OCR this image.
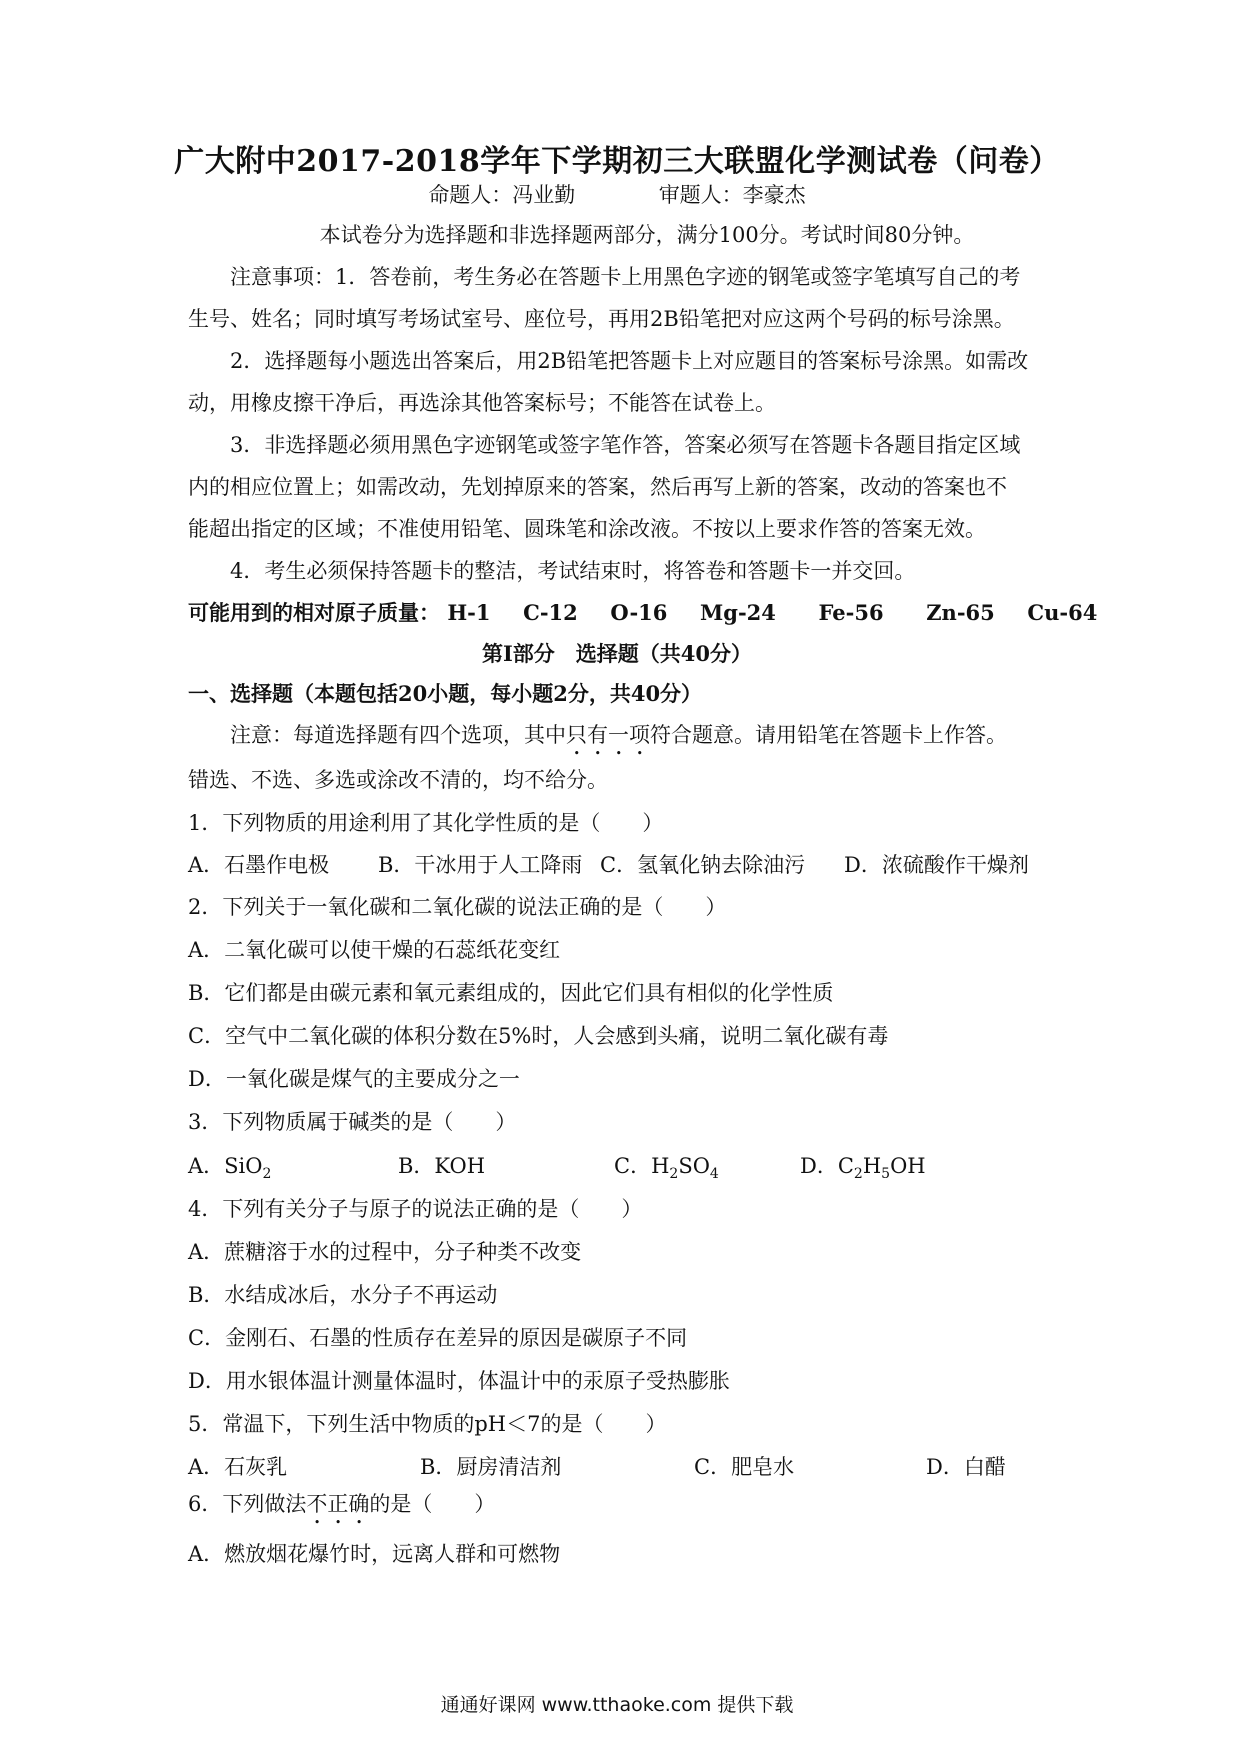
广大附中2017-2018学年下学期初三大联盟化学测试卷（问卷）
命题人：冯业勤	审题人：李豪杰
本试卷分为选择题和非选择题两部分，满分100分。考试时间80分钟。
注意事项：1．答卷前，考生务必在答题卡上用黑色字迹的钢笔或签字笔填写自己的考
生号、姓名；同时填写考场试室号、座位号，再用2B铅笔把对应这两个号码的标号涂黑。
2．选择题每小题选出答案后，用2B铅笔把答题卡上对应题目的答案标号涂黑。如需改
动，用橡皮擦干净后，再选涂其他答案标号；不能答在试卷上。
3．非选择题必须用黑色字迹钢笔或签字笔作答，答案必须写在答题卡各题目指定区域
内的相应位置上；如需改动，先划掉原来的答案，然后再写上新的答案，改动的答案也不
能超出指定的区域；不准使用铅笔、圆珠笔和涂改液。不按以上要求作答的答案无效。
4．考生必须保持答题卡的整洁，考试结束时，将答卷和答题卡一并交回。
可能用到的相对原子质量： H-1 C-12 O-16 Mg-24 Fe-56 Zn-65 Cu-64
第Ⅰ部分　选择题（共40分）
一、选择题（本题包括20小题，每小题2分，共40分）
注意：每道选择题有四个选项，其中只有一项符合题意。请用铅笔在答题卡上作答。
错选、不选、多选或涂改不清的，均不给分。
1．下列物质的用途利用了其化学性质的是（　　）
A．石墨作电极 B．干冰用于人工降雨 C．氢氧化钠去除油污 D．浓硫酸作干燥剂
2．下列关于一氧化碳和二氧化碳的说法正确的是（　　）
A．二氧化碳可以使干燥的石蕊纸花变红
B．它们都是由碳元素和氧元素组成的，因此它们具有相似的化学性质
C．空气中二氧化碳的体积分数在5%时，人会感到头痛，说明二氧化碳有毒
D．一氧化碳是煤气的主要成分之一
3．下列物质属于碱类的是（　　）
A．SiO$_2$	B．KOH	C．$H_2SO_4$	D．$C_2H_5OH$
4．下列有关分子与原子的说法正确的是（　　）
A．蔗糖溶于水的过程中，分子种类不改变
B．水结成冰后，水分子不再运动
C．金刚石、石墨的性质存在差异的原因是碳原子不同
D．用水银体温计测量体温时，体温计中的汞原子受热膨胀
5．常温下，下列生活中物质的pH＜7的是（　　）
A．石灰乳	B．厨房清洁剂	C．肥皂水	D．白醋
6．下列做法不正确的是（　　）
A．燃放烟花爆竹时，远离人群和可燃物
通通好课网 www.tthaoke.com 提供下载
